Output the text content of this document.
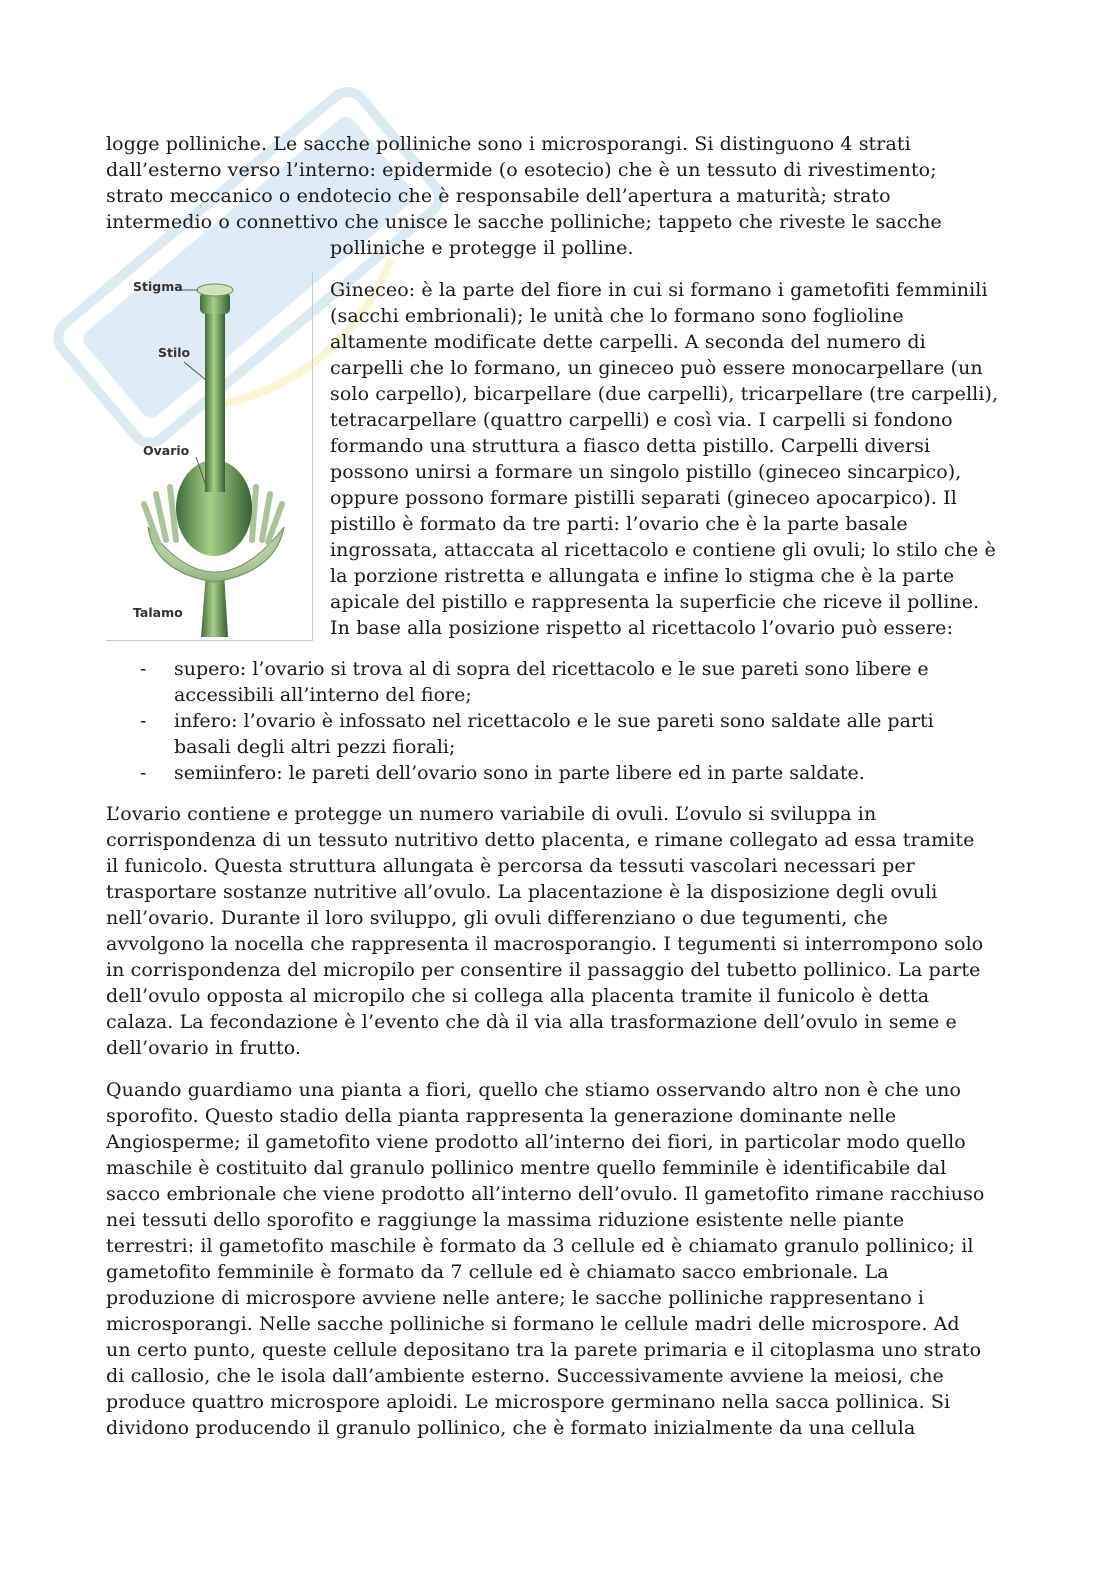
logge polliniche. Le sacche polliniche sono i microsporangi. Si distinguono 4 strati
dall’esterno verso l’interno: epidermide (o esotecio) che è un tessuto di rivestimento;
strato meccanico o endotecio che è responsabile dell’apertura a maturità; strato
intermedio o connettivo che unisce le sacche polliniche; tappeto che riveste le sacche
polliniche e protegge il polline.
Stigma
Stilo
Ovario
Talamo
Gineceo: è la parte del fiore in cui si formano i gametofiti femminili
(sacchi embrionali); le unità che lo formano sono foglioline
altamente modificate dette carpelli. A seconda del numero di
carpelli che lo formano, un gineceo può essere monocarpellare (un
solo carpello), bicarpellare (due carpelli), tricarpellare (tre carpelli),
tetracarpellare (quattro carpelli) e così via. I carpelli si fondono
formando una struttura a fiasco detta pistillo. Carpelli diversi
possono unirsi a formare un singolo pistillo (gineceo sincarpico),
oppure possono formare pistilli separati (gineceo apocarpico). Il
pistillo è formato da tre parti: l’ovario che è la parte basale
ingrossata, attaccata al ricettacolo e contiene gli ovuli; lo stilo che è
la porzione ristretta e allungata e infine lo stigma che è la parte
apicale del pistillo e rappresenta la superficie che riceve il polline.
In base alla posizione rispetto al ricettacolo l’ovario può essere:
- supero: l’ovario si trova al di sopra del ricettacolo e le sue pareti sono libere e
accessibili all’interno del fiore;
- infero: l’ovario è infossato nel ricettacolo e le sue pareti sono saldate alle parti
basali degli altri pezzi fiorali;
- semiinfero: le pareti dell’ovario sono in parte libere ed in parte saldate.
L’ovario contiene e protegge un numero variabile di ovuli. L’ovulo si sviluppa in
corrispondenza di un tessuto nutritivo detto placenta, e rimane collegato ad essa tramite
il funicolo. Questa struttura allungata è percorsa da tessuti vascolari necessari per
trasportare sostanze nutritive all’ovulo. La placentazione è la disposizione degli ovuli
nell’ovario. Durante il loro sviluppo, gli ovuli differenziano o due tegumenti, che
avvolgono la nocella che rappresenta il macrosporangio. I tegumenti si interrompono solo
in corrispondenza del micropilo per consentire il passaggio del tubetto pollinico. La parte
dell’ovulo opposta al micropilo che si collega alla placenta tramite il funicolo è detta
calaza. La fecondazione è l’evento che dà il via alla trasformazione dell’ovulo in seme e
dell’ovario in frutto.
Quando guardiamo una pianta a fiori, quello che stiamo osservando altro non è che uno
sporofito. Questo stadio della pianta rappresenta la generazione dominante nelle
Angiosperme; il gametofito viene prodotto all’interno dei fiori, in particolar modo quello
maschile è costituito dal granulo pollinico mentre quello femminile è identificabile dal
sacco embrionale che viene prodotto all’interno dell’ovulo. Il gametofito rimane racchiuso
nei tessuti dello sporofito e raggiunge la massima riduzione esistente nelle piante
terrestri: il gametofito maschile è formato da 3 cellule ed è chiamato granulo pollinico; il
gametofito femminile è formato da 7 cellule ed è chiamato sacco embrionale. La
produzione di microspore avviene nelle antere; le sacche polliniche rappresentano i
microsporangi. Nelle sacche polliniche si formano le cellule madri delle microspore. Ad
un certo punto, queste cellule depositano tra la parete primaria e il citoplasma uno strato
di callosio, che le isola dall’ambiente esterno. Successivamente avviene la meiosi, che
produce quattro microspore aploidi. Le microspore germinano nella sacca pollinica. Si
dividono producendo il granulo pollinico, che è formato inizialmente da una cellula
